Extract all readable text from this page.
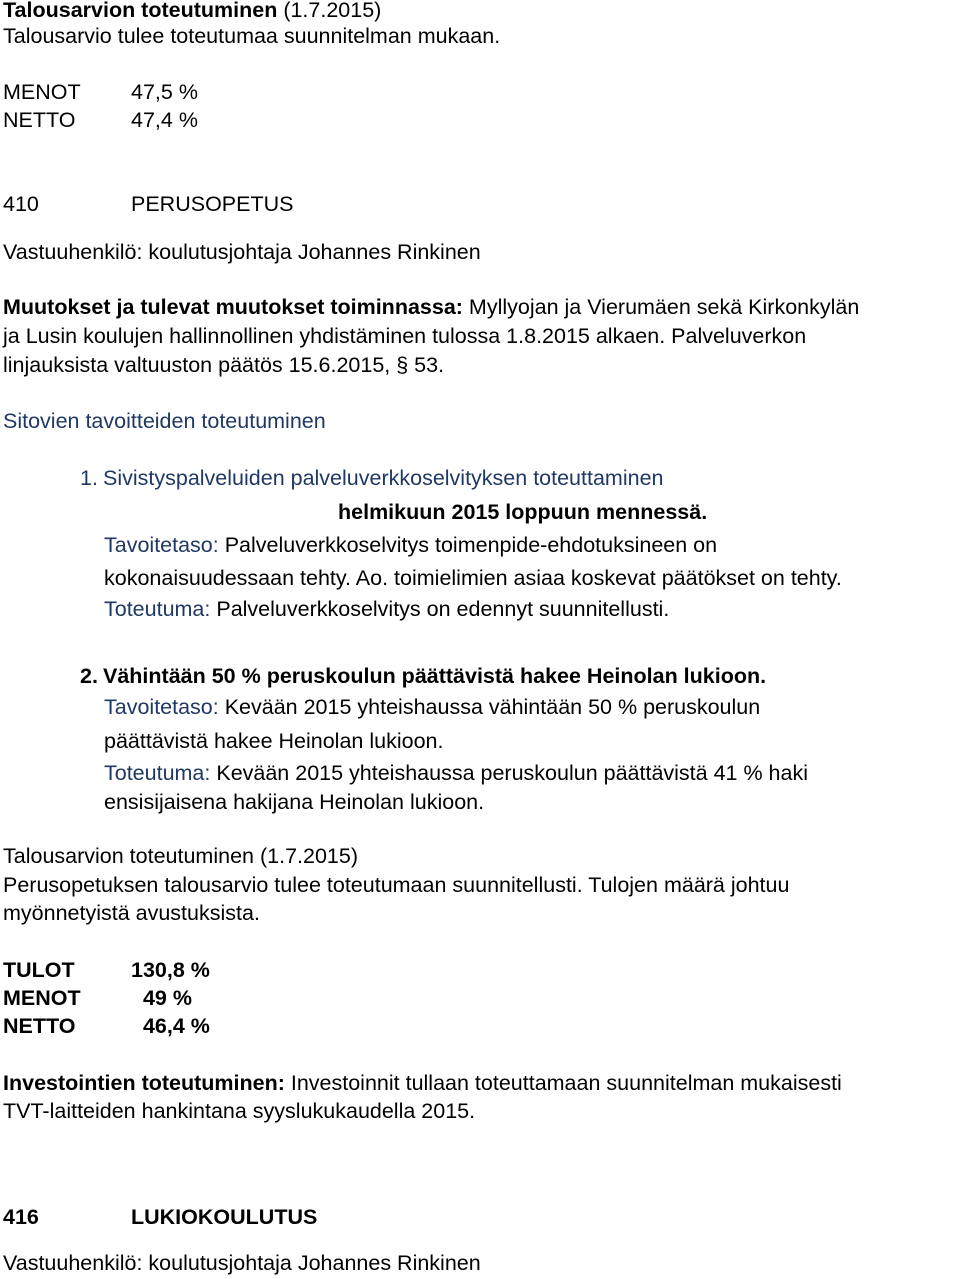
Talousarvion toteutuminen (1.7.2015)
Talousarvio tulee toteutumaa suunnitelman mukaan.
MENOT 47,5 %
NETTO	47,4 %
410	PERUSOPETUS
Vastuuhenkilö: koulutusjohtaja Johannes Rinkinen
Muutokset ja tulevat muutokset toiminnassa: Myllyojan ja Vierumäen sekä Kirkonkylän
ja Lusin koulujen hallinnollinen yhdistäminen tulossa 1.8.2015 alkaen. Palveluverkon
linjauksista valtuuston päätös 15.6.2015, § 53.
Sitovien tavoitteiden toteutuminen
1. Sivistyspalveluiden palveluverkkoselvityksen toteuttaminen
helmikuun 2015 loppuun mennessä.
Tavoitetaso: Palveluverkkoselvitys toimenpide-ehdotuksineen on
kokonaisuudessaan tehty. Ao. toimielimien asiaa koskevat päätökset on tehty.
Toteutuma: Palveluverkkoselvitys on edennyt suunnitellusti.
2. Vähintään 50 % peruskoulun päättävistä hakee Heinolan lukioon.
Tavoitetaso: Kevään 2015 yhteishaussa vähintään 50 % peruskoulun
päättävistä hakee Heinolan lukioon.
Toteutuma: Kevään 2015 yhteishaussa peruskoulun päättävistä 41 % haki
ensisijaisena hakijana Heinolan lukioon.
Talousarvion toteutuminen (1.7.2015)
Perusopetuksen talousarvio tulee toteutumaan suunnitellusti. Tulojen määrä johtuu
myönnetyistä avustuksista.
TULOT	130,8 %
MENOT  49 %
NETTO	46,4 %
Investointien toteutuminen: Investoinnit tullaan toteuttamaan suunnitelman mukaisesti
TVT-laitteiden hankintana syyslukukaudella 2015.
416	LUKIOKOULUTUS
Vastuuhenkilö: koulutusjohtaja Johannes Rinkinen
